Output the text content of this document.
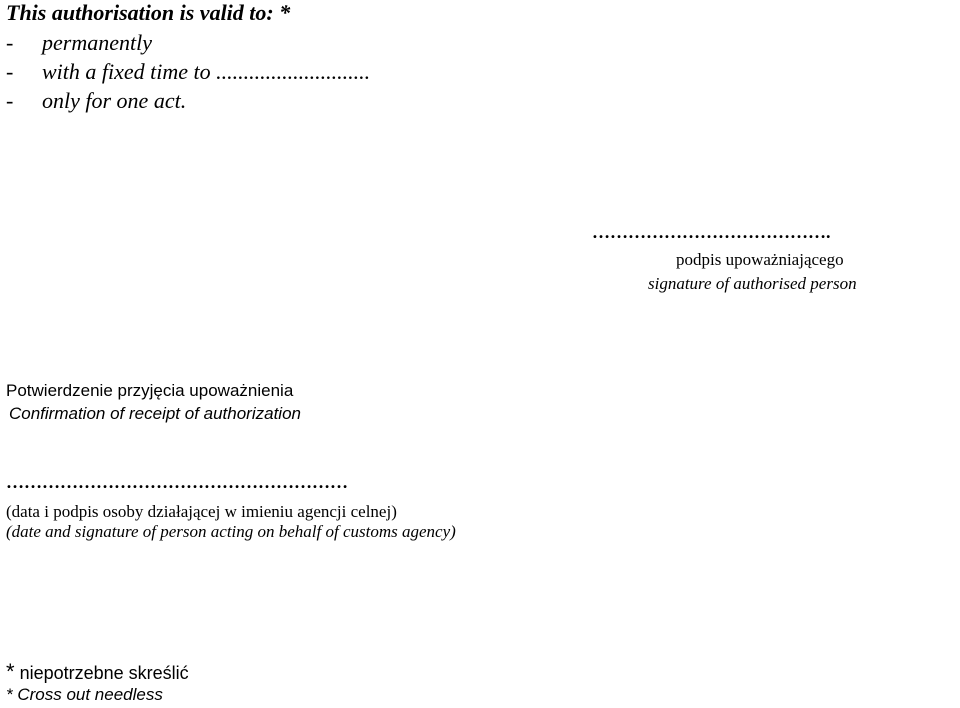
This authorisation is valid to: *
- permanently
- with a fixed time to ............................
- only for one act.
………………………………….
podpis upoważniającego
signature of authorised person
Potwierdzenie przyjęcia upoważnienia
Confirmation of receipt of authorization
…………………………………………………
(data i podpis osoby działającej w imieniu agencji celnej)
(date and signature of person acting on behalf of customs agency)
* niepotrzebne skreślić
* Cross out needless
